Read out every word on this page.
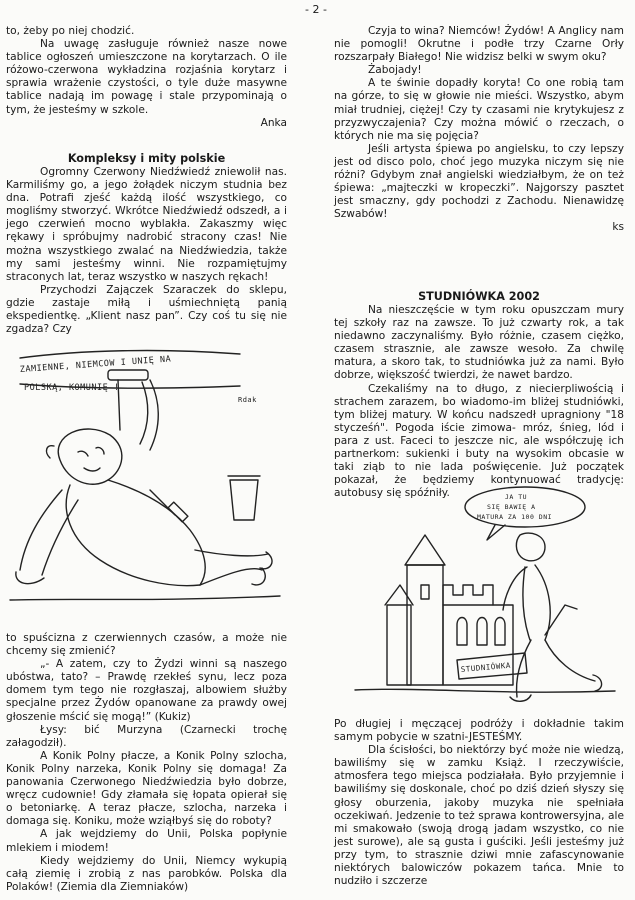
- 2 -

to, żeby po niej chodzić.

Na uwagę zasługuje również nasze nowe tablice ogłoszeń umieszczone na korytarzach. O ile różowo-czerwona wykładzina rozjaśnia korytarz i sprawia wrażenie czystości, o tyle duże masywne tablice nadają im powagę i stale przypominają o tym, że jesteśmy w szkole.

Anka

Kompleksy i mity polskie

Ogromny Czerwony Niedźwiedź zniewolił nas. Karmiliśmy go, a jego żołądek niczym studnia bez dna. Potrafi zjeść każdą ilość wszystkiego, co mogliśmy stworzyć. Wkrótce Niedźwiedź odszedł, a i jego czerwień mocno wyblakła. Zakaszmy więc rękawy i spróbujmy nadrobić stracony czas! Nie można wszystkiego zwalać na Niedźwiedzia, także my sami jesteśmy winni. Nie rozpamiętujmy straconych lat, teraz wszystko w naszych rękach!

Przychodzi Zajączek Szaraczek do sklepu, gdzie zastaje miłą i uśmiechniętą panią ekspedientkę. „Klient nasz pan”. Czy coś tu się nie zgadza? Czy

ZAMIENNE, NIEMCOW I UNIĘ NA
POLSKĄ, KOMUNIĘ !
Rdak

to spuścizna z czerwiennych czasów, a może nie chcemy się zmienić?

„- A zatem, czy to Żydzi winni są naszego ubóstwa, tato? – Prawdę rzekłeś synu, lecz poza domem tym tego nie rozgłaszaj, albowiem służby specjalne przez Żydów opanowane za prawdy owej głoszenie mścić się mogą!” (Kukiz)

Łysy: bić Murzyna (Czarnecki trochę załagodził).

A Konik Polny płacze, a Konik Polny szlocha, Konik Polny narzeka, Konik Polny się domaga! Za panowania Czerwonego Niedźwiedzia było dobrze, wręcz cudownie! Gdy złamała się łopata opierał się o betoniarkę. A teraz płacze, szlocha, narzeka i domaga się. Koniku, może wziąłbyś się do roboty?

A jak wejdziemy do Unii, Polska popłynie mlekiem i miodem!

Kiedy wejdziemy do Unii, Niemcy wykupią całą ziemię i zrobią z nas parobków. Polska dla Polaków! (Ziemia dla Ziemniaków)

Czyja to wina? Niemców! Żydów! A Anglicy nam nie pomogli! Okrutne i podłe trzy Czarne Orły rozszarpały Białego! Nie widzisz belki w swym oku?

Żabojady!

A te świnie dopadły koryta! Co one robią tam na górze, to się w głowie nie mieści. Wszystko, abym miał trudniej, ciężej! Czy ty czasami nie krytykujesz z przyzwyczajenia? Czy można mówić o rzeczach, o których nie ma się pojęcia?

Jeśli artysta śpiewa po angielsku, to czy lepszy jest od disco polo, choć jego muzyka niczym się nie różni? Gdybym znał angielski wiedziałbym, że on też śpiewa: „majteczki w kropeczki”. Najgorszy pasztet jest smaczny, gdy pochodzi z Zachodu. Nienawidzę Szwabów!

ks

STUDNIÓWKA 2002

Na nieszczęście w tym roku opuszczam mury tej szkoły raz na zawsze. To już czwarty rok, a tak niedawno zaczynaliśmy. Było różnie, czasem ciężko, czasem strasznie, ale zawsze wesoło. Za chwilę matura, a skoro tak, to studniówka już za nami. Było dobrze, większość twierdzi, że nawet bardzo.

Czekaliśmy na to długo, z niecierpliwością i strachem zarazem, bo wiadomo-im bliżej studniówki, tym bliżej matury. W końcu nadszedł upragniony "18 stycześń". Pogoda iście zimowa- mróz, śnieg, lód i para z ust. Faceci to jeszcze nic, ale współczuję ich partnerkom: sukienki i buty na wysokim obcasie w taki ziąb to nie lada poświęcenie. Już początek pokazał, że będziemy kontynuować tradycję: autobusy się spóźniły.	JA TU
SIĘ BAWIĘ A
MATURA ZA 100 DNI
STUDNIÓWKA

Po długiej i męczącej podróży i dokładnie takim samym pobycie w szatni-JESTEŚMY.

Dla ścisłości, bo niektórzy być może nie wiedzą, bawiliśmy się w zamku Książ. I rzeczywiście, atmosfera tego miejsca podziałała. Było przyjemnie i bawiliśmy się doskonale, choć po dziś dzień słyszy się głosy oburzenia, jakoby muzyka nie spełniała oczekiwań. Jedzenie to też sprawa kontrowersyjna, ale mi smakowało (swoją drogą jadam wszystko, co nie jest surowe), ale są gusta i guściki. Jeśli jesteśmy już przy tym, to strasznie dziwi mnie zafascynowanie niektórych balowiczów pokazem tańca. Mnie to nudziło i szczerze
